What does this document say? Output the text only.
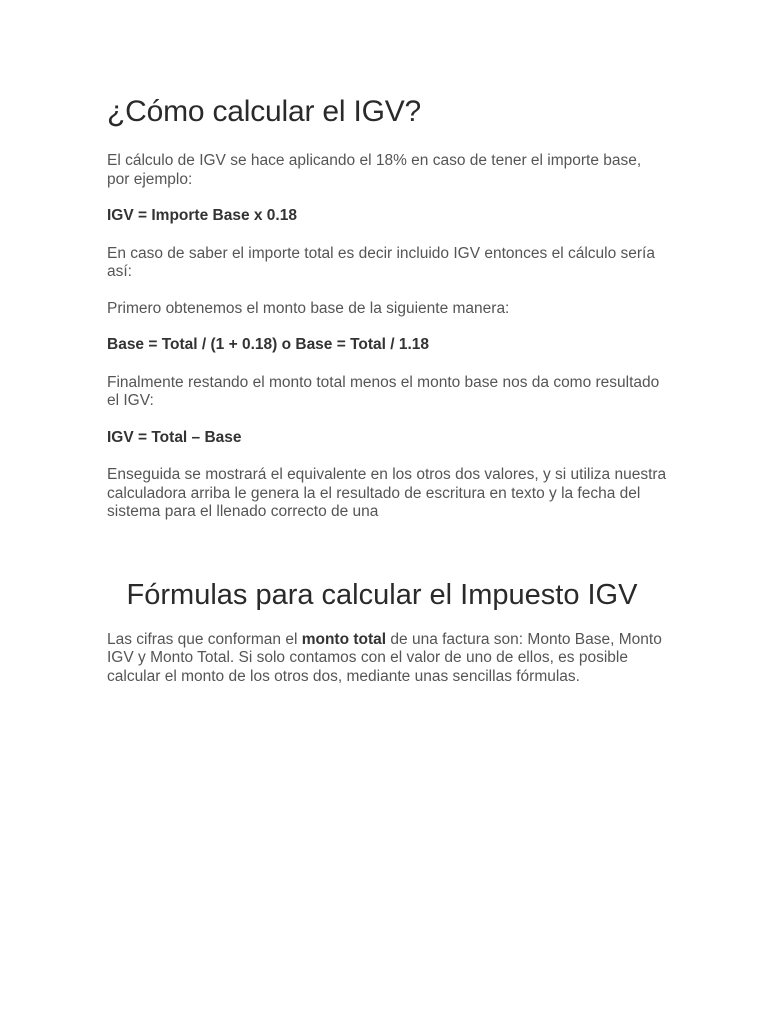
¿Cómo calcular el IGV?

El cálculo de IGV se hace aplicando el 18% en caso de tener el importe base, por ejemplo:

IGV = Importe Base x 0.18

En caso de saber el importe total es decir incluido IGV entonces el cálculo sería así:

Primero obtenemos el monto base de la siguiente manera:

Base = Total / (1 + 0.18) o Base = Total / 1.18

Finalmente restando el monto total menos el monto base nos da como resultado el IGV:

IGV = Total – Base

Enseguida se mostrará el equivalente en los otros dos valores, y si utiliza nuestra calculadora arriba le genera la el resultado de escritura en texto y la fecha del sistema para el llenado correcto de una

Fórmulas para calcular el Impuesto IGV

Las cifras que conforman el monto total de una factura son: Monto Base, Monto IGV y Monto Total. Si solo contamos con el valor de uno de ellos, es posible calcular el monto de los otros dos, mediante unas sencillas fórmulas.
